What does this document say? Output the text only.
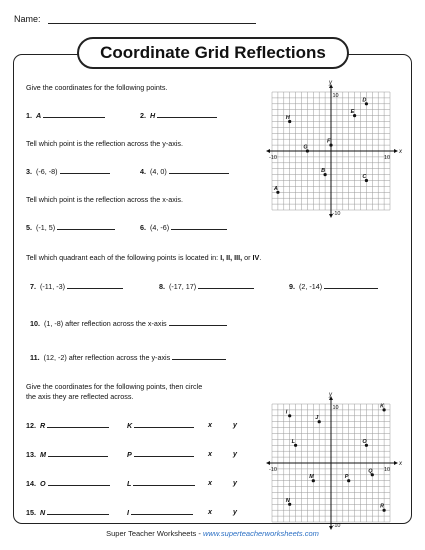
Name:
Coordinate Grid Reflections
Give the coordinates for the following points.
1. A	2. H
Tell which point is the reflection across the y-axis.
3. (-6, -8)	4. (4, 0)
Tell which point is the reflection across the x-axis.
5. (-1, 5)	6. (4, -6)
Tell which quadrant each of the following points is located in: I, II, III, or IV.
7. (-11, -3)	8. (-17, 17)	9. (2, -14)
10. (1, -8) after reflection across the x-axis
11. (12, -2) after reflection across the y-axis
Give the coordinates for the following points, then circle
the axis they are reflected across.
12. R	K	x	y
13. M	P	x	y
14. O	L	x	y
15. N	I	x	y
y
x
10
-10
-10	10
A
B
C
D
E
F
G
H
y
x
10
-10
-10	10
I
J
K
L	O
M	P
Q
N
R
Super Teacher Worksheets - www.superteacherworksheets.com
